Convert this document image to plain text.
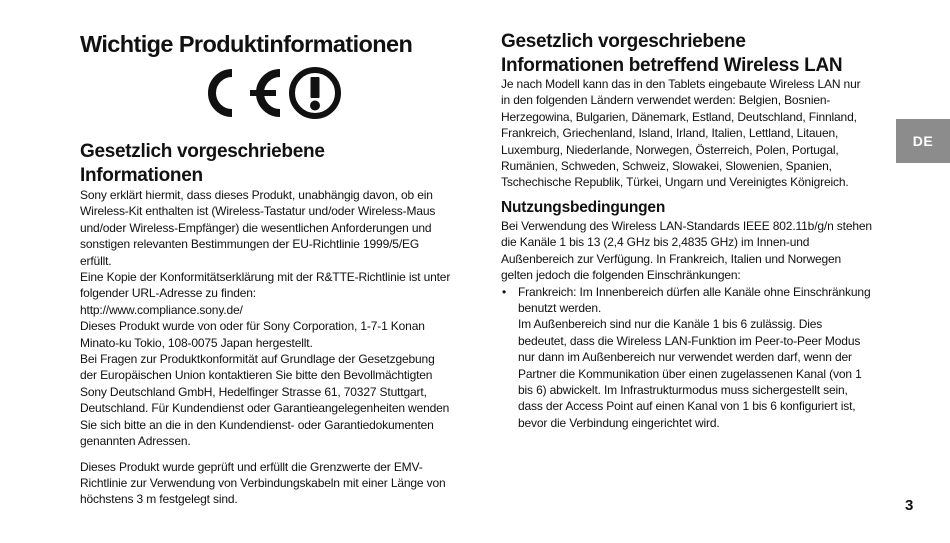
Wichtige Produktinformationen
Gesetzlich vorgeschriebene
Informationen

Sony erklärt hiermit, dass dieses Produkt, unabhängig davon, ob ein Wireless-Kit enthalten ist (Wireless-Tastatur und/oder Wireless-Maus und/oder Wireless-Empfänger) die wesentlichen Anforderungen und sonstigen relevanten Bestimmungen der EU-Richtlinie 1999/5/EG erfüllt.

Eine Kopie der Konformitätserklärung mit der R&TTE-Richtlinie ist unter folgender URL-Adresse zu finden:

http://www.compliance.sony.de/

Dieses Produkt wurde von oder für Sony Corporation, 1-7-1 Konan Minato-ku Tokio, 108-0075 Japan hergestellt.

Bei Fragen zur Produktkonformität auf Grundlage der Gesetzgebung der Europäischen Union kontaktieren Sie bitte den Bevollmächtigten Sony Deutschland GmbH, Hedelfinger Strasse 61, 70327 Stuttgart, Deutschland. Für Kundendienst oder Garantieangelegenheiten wenden Sie sich bitte an die in den Kundendienst- oder Garantiedokumenten genannten Adressen.

Dieses Produkt wurde geprüft und erfüllt die Grenzwerte der EMV-Richtlinie zur Verwendung von Verbindungskabeln mit einer Länge von höchstens 3 m festgelegt sind.

Gesetzlich vorgeschriebene
Informationen betreffend Wireless LAN

Je nach Modell kann das in den Tablets eingebaute Wireless LAN nur in den folgenden Ländern verwendet werden: Belgien, Bosnien-Herzegowina, Bulgarien, Dänemark, Estland, Deutschland, Finnland, Frankreich, Griechenland, Island, Irland, Italien, Lettland, Litauen, Luxemburg, Niederlande, Norwegen, Österreich, Polen, Portugal, Rumänien, Schweden, Schweiz, Slowakei, Slowenien, Spanien, Tschechische Republik, Türkei, Ungarn und Vereinigtes Königreich.

Nutzungsbedingungen

Bei Verwendung des Wireless LAN-Standards IEEE 802.11b/g/n stehen die Kanäle 1 bis 13 (2,4 GHz bis 2,4835 GHz) im Innen-und Außenbereich zur Verfügung. In Frankreich, Italien und Norwegen gelten jedoch die folgenden Einschränkungen:

• Frankreich: Im Innenbereich dürfen alle Kanäle ohne Einschränkung benutzt werden.

Im Außenbereich sind nur die Kanäle 1 bis 6 zulässig. Dies bedeutet, dass die Wireless LAN-Funktion im Peer-to-Peer Modus nur dann im Außenbereich nur verwendet werden darf, wenn der Partner die Kommunikation über einen zugelassenen Kanal (von 1 bis 6) abwickelt. Im Infrastrukturmodus muss sichergestellt sein, dass der Access Point auf einen Kanal von 1 bis 6 konfiguriert ist, bevor die Verbindung eingerichtet wird.

DE
3
